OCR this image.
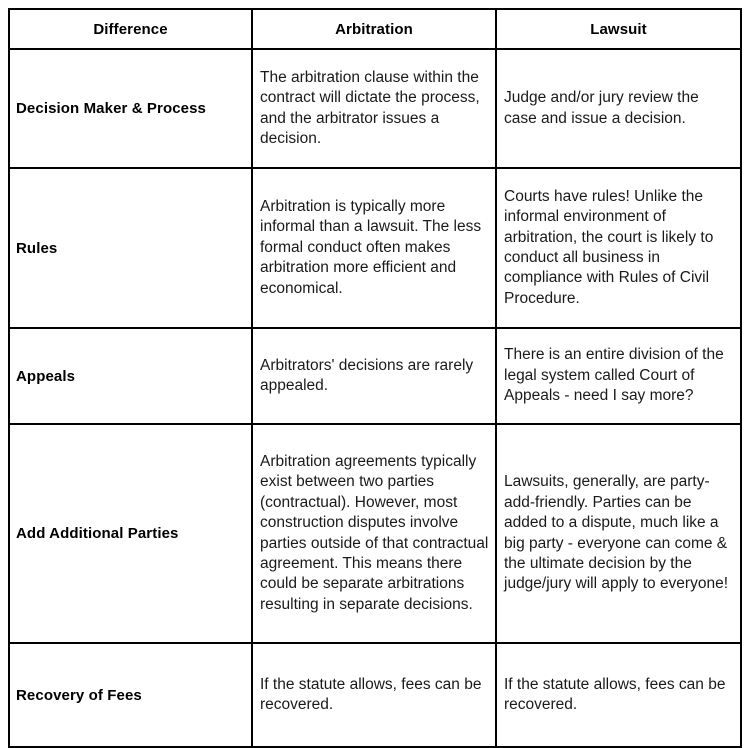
Difference	Arbitration	Lawsuit
Decision Maker & Process	The arbitration clause within the contract will dictate the process, and the arbitrator issues a decision.	Judge and/or jury review the case and issue a decision.
Rules	Arbitration is typically more informal than a lawsuit. The less formal conduct often makes arbitration more efficient and economical.	Courts have rules! Unlike the informal environment of arbitration, the court is likely to conduct all business in compliance with Rules of Civil Procedure.
Appeals	Arbitrators' decisions are rarely appealed.	There is an entire division of the legal system called Court of Appeals - need I say more?
Add Additional Parties	Arbitration agreements typically exist between two parties (contractual). However, most construction disputes involve parties outside of that contractual agreement. This means there could be separate arbitrations resulting in separate decisions.	Lawsuits, generally, are party-add-friendly. Parties can be added to a dispute, much like a big party - everyone can come & the ultimate decision by the judge/jury will apply to everyone!
Recovery of Fees	If the statute allows, fees can be recovered.	If the statute allows, fees can be recovered.
